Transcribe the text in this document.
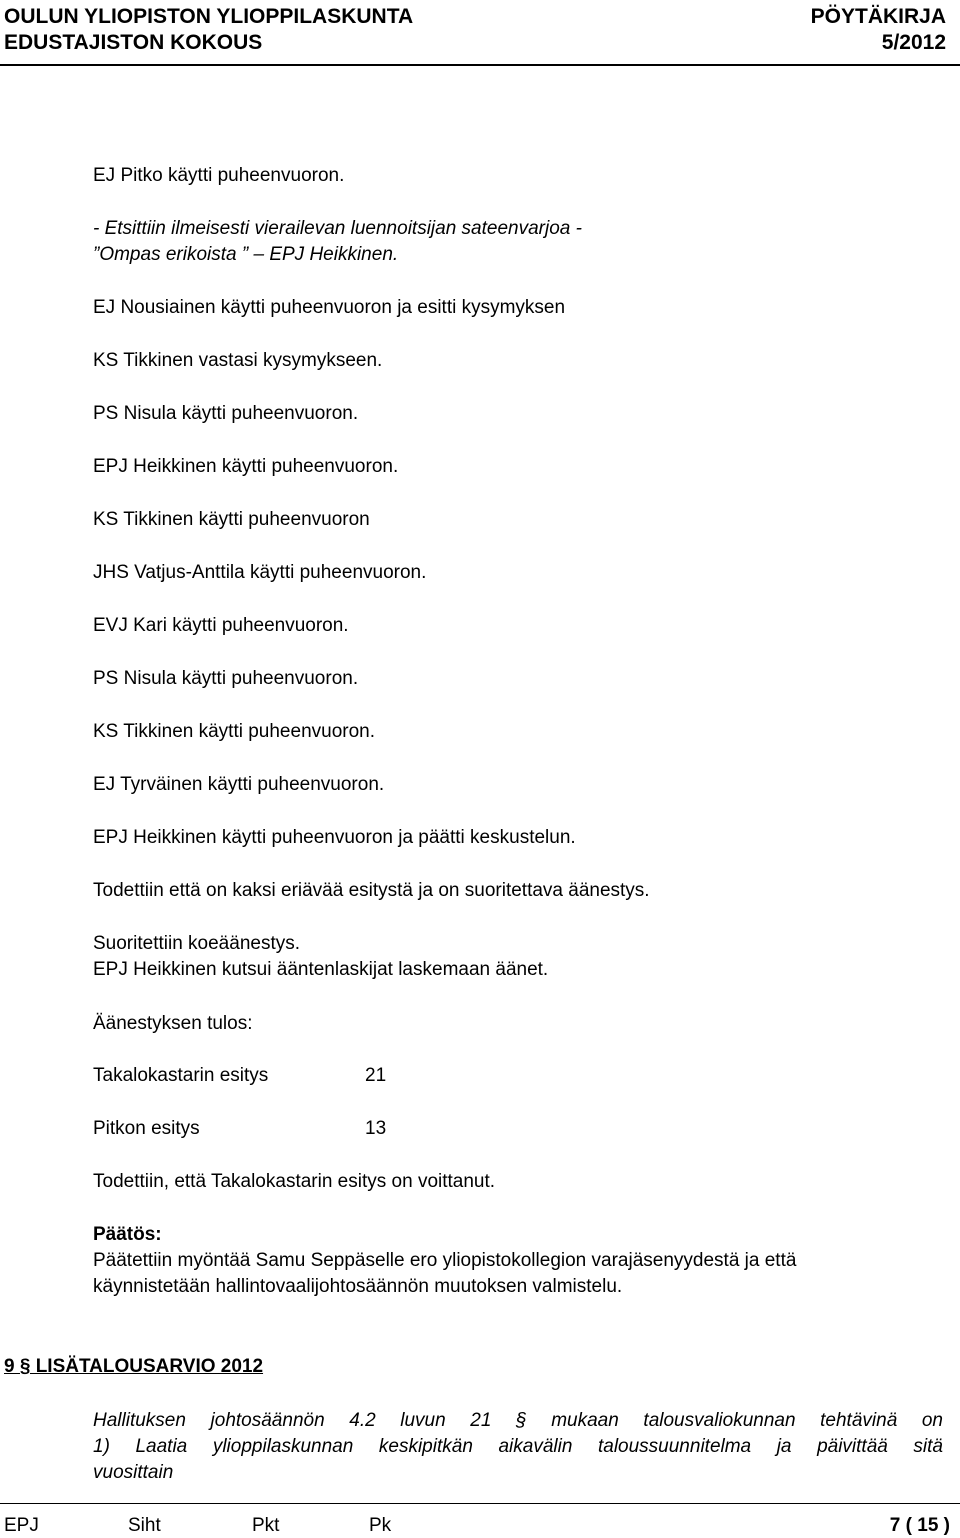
OULUN YLIOPISTON YLIOPPILASKUNTA
EDUSTAJISTON KOKOUS
PÖYTÄKIRJA
5/2012
EJ Pitko käytti puheenvuoron.
- Etsittiin ilmeisesti vierailevan luennoitsijan sateenvarjoa -
”Ompas erikoista ” – EPJ Heikkinen.
EJ Nousiainen käytti puheenvuoron ja esitti kysymyksen
KS Tikkinen vastasi kysymykseen.
PS Nisula käytti puheenvuoron.
EPJ Heikkinen käytti puheenvuoron.
KS Tikkinen käytti puheenvuoron
JHS Vatjus-Anttila käytti puheenvuoron.
EVJ Kari käytti puheenvuoron.
PS Nisula käytti puheenvuoron.
KS Tikkinen käytti puheenvuoron.
EJ Tyrväinen käytti puheenvuoron.
EPJ Heikkinen käytti puheenvuoron ja päätti keskustelun.
Todettiin että on kaksi eriävää esitystä ja on suoritettava äänestys.
Suoritettiin koeäänestys.
EPJ Heikkinen kutsui ääntenlaskijat laskemaan äänet.
Äänestyksen tulos:
Takalokastarin esitys	21
Pitkon esitys	13
Todettiin, että Takalokastarin esitys on voittanut.
Päätös:
Päätettiin myöntää Samu Seppäselle ero yliopistokollegion varajäsenyydestä ja että
käynnistetään hallintovaalijohtosäännön muutoksen valmistelu.
9 § LISÄTALOUSARVIO 2012
Hallituksen johtosäännön 4.2 luvun 21 § mukaan talousvaliokunnan tehtävinä on
1) Laatia ylioppilaskunnan keskipitkän aikavälin taloussuunnitelma ja päivittää sitä
vuosittain
EPJ	Siht	Pkt	Pk	7 ( 15 )
